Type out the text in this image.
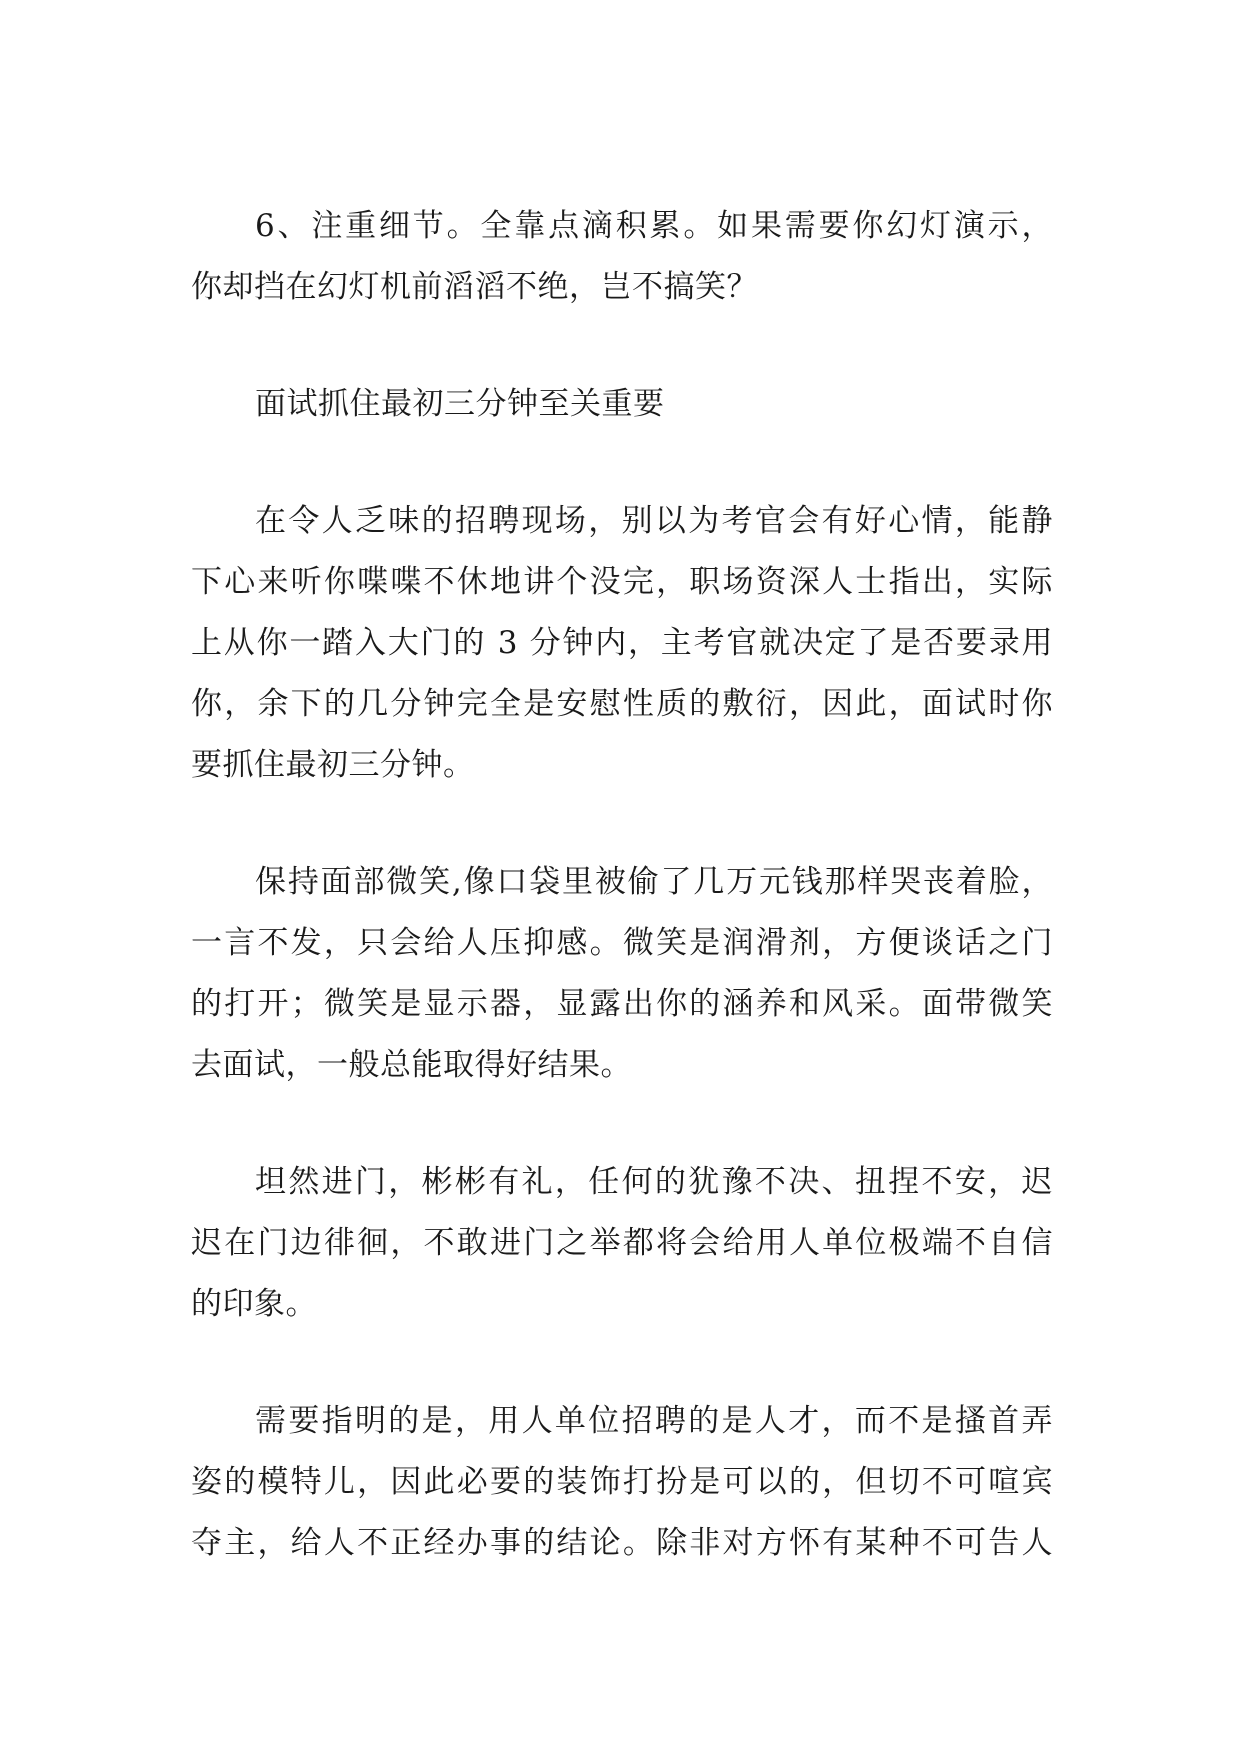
6、注重细节。全靠点滴积累。如果需要你幻灯演示，
你却挡在幻灯机前滔滔不绝，岂不搞笑？
面试抓住最初三分钟至关重要
在令人乏味的招聘现场，别以为考官会有好心情，能静
下心来听你喋喋不休地讲个没完，职场资深人士指出，实际
上从你一踏入大门的 3 分钟内，主考官就决定了是否要录用
你，余下的几分钟完全是安慰性质的敷衍，因此，面试时你
要抓住最初三分钟。
保持面部微笑,像口袋里被偷了几万元钱那样哭丧着脸，
一言不发，只会给人压抑感。微笑是润滑剂，方便谈话之门
的打开；微笑是显示器，显露出你的涵养和风采。面带微笑
去面试，一般总能取得好结果。
坦然进门，彬彬有礼，任何的犹豫不决、扭捏不安，迟
迟在门边徘徊，不敢进门之举都将会给用人单位极端不自信
的印象。
需要指明的是，用人单位招聘的是人才，而不是搔首弄
姿的模特儿，因此必要的装饰打扮是可以的，但切不可喧宾
夺主，给人不正经办事的结论。除非对方怀有某种不可告人
